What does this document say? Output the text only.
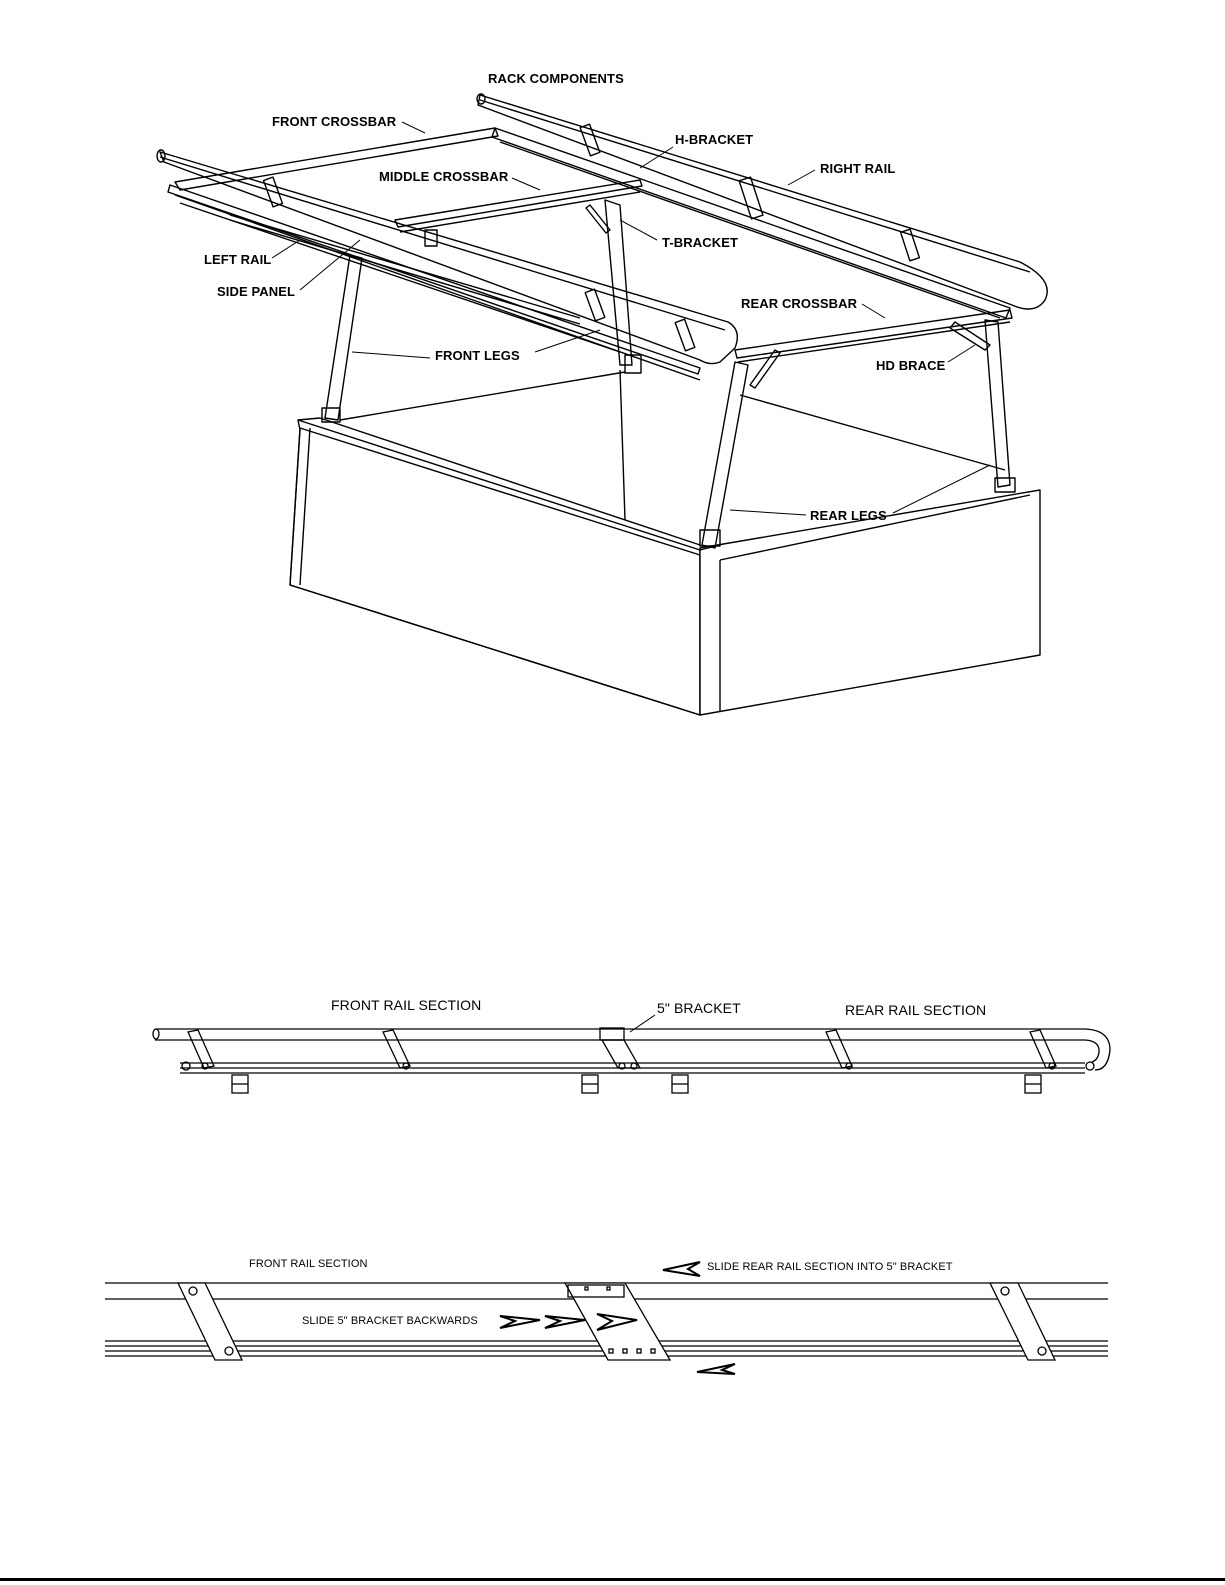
RACK COMPONENTS
FRONT CROSSBAR
H-BRACKET
RIGHT RAIL
MIDDLE CROSSBAR
T-BRACKET
LEFT RAIL
SIDE PANEL
REAR CROSSBAR
FRONT LEGS
HD BRACE
REAR LEGS
FRONT RAIL SECTION	5" BRACKET	REAR RAIL SECTION
FRONT RAIL SECTION	SLIDE REAR RAIL SECTION INTO 5" BRACKET
SLIDE 5" BRACKET BACKWARDS
